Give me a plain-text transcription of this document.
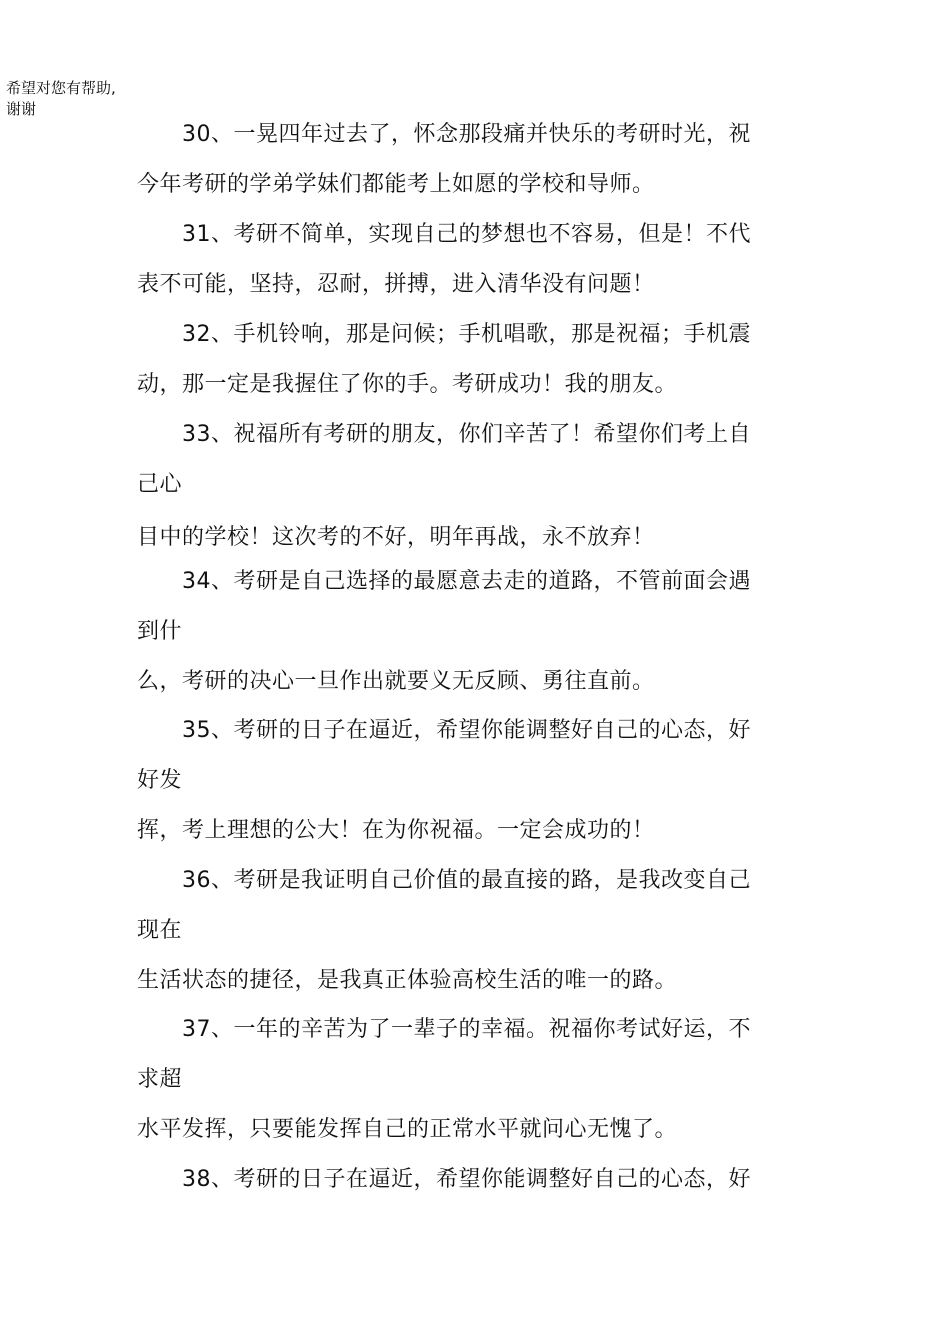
希望对您有帮助,
谢谢
30、一晃四年过去了，怀念那段痛并快乐的考研时光，祝
今年考研的学弟学妹们都能考上如愿的学校和导师。
31、考研不简单，实现自己的梦想也不容易，但是！不代
表不可能，坚持，忍耐，拼搏，进入清华没有问题！
32、手机铃响，那是问候；手机唱歌，那是祝福；手机震
动，那一定是我握住了你的手。考研成功！我的朋友。
33、祝福所有考研的朋友，你们辛苦了！希望你们考上自
己心
目中的学校！这次考的不好，明年再战，永不放弃！
34、考研是自己选择的最愿意去走的道路，不管前面会遇
到什
么，考研的决心一旦作出就要义无反顾、勇往直前。
35、考研的日子在逼近，希望你能调整好自己的心态，好
好发
挥，考上理想的公大！在为你祝福。一定会成功的！
36、考研是我证明自己价值的最直接的路，是我改变自己
现在
生活状态的捷径，是我真正体验高校生活的唯一的路。
37、一年的辛苦为了一辈子的幸福。祝福你考试好运，不
求超
水平发挥，只要能发挥自己的正常水平就问心无愧了。
38、考研的日子在逼近，希望你能调整好自己的心态，好
